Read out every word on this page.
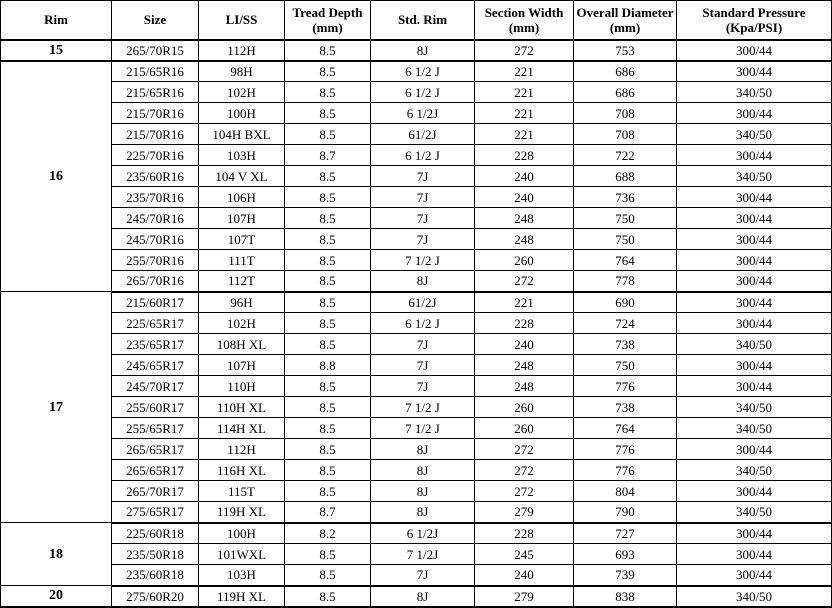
Rim	Size	LI/SS	Tread Depth (mm)	Std. Rim	Section Width (mm)	Overall Diameter (mm)	Standard Pressure (Kpa/PSI)
15	265/70R15	112H	8.5	8J	272	753	300/44
16	215/65R16	98H	8.5	6 1/2 J	221	686	300/44
	215/65R16	102H	8.5	6 1/2 J	221	686	340/50
	215/70R16	100H	8.5	6 1/2J	221	708	300/44
	215/70R16	104H BXL	8.5	61/2J	221	708	340/50
	225/70R16	103H	8.7	6 1/2 J	228	722	300/44
	235/60R16	104 V XL	8.5	7J	240	688	340/50
	235/70R16	106H	8.5	7J	240	736	300/44
	245/70R16	107H	8.5	7J	248	750	300/44
	245/70R16	107T	8.5	7J	248	750	300/44
	255/70R16	111T	8.5	7 1/2 J	260	764	300/44
	265/70R16	112T	8.5	8J	272	778	300/44
17	215/60R17	96H	8.5	61/2J	221	690	300/44
	225/65R17	102H	8.5	6 1/2 J	228	724	300/44
	235/65R17	108H XL	8.5	7J	240	738	340/50
	245/65R17	107H	8.8	7J	248	750	300/44
	245/70R17	110H	8.5	7J	248	776	300/44
	255/60R17	110H XL	8.5	7 1/2 J	260	738	340/50
	255/65R17	114H XL	8.5	7 1/2 J	260	764	340/50
	265/65R17	112H	8.5	8J	272	776	300/44
	265/65R17	116H XL	8.5	8J	272	776	340/50
	265/70R17	115T	8.5	8J	272	804	300/44
	275/65R17	119H XL	8.7	8J	279	790	340/50
18	225/60R18	100H	8.2	6 1/2J	228	727	300/44
	235/50R18	101WXL	8.5	7 1/2J	245	693	300/44
	235/60R18	103H	8.5	7J	240	739	300/44
20	275/60R20	119H XL	8.5	8J	279	838	340/50
